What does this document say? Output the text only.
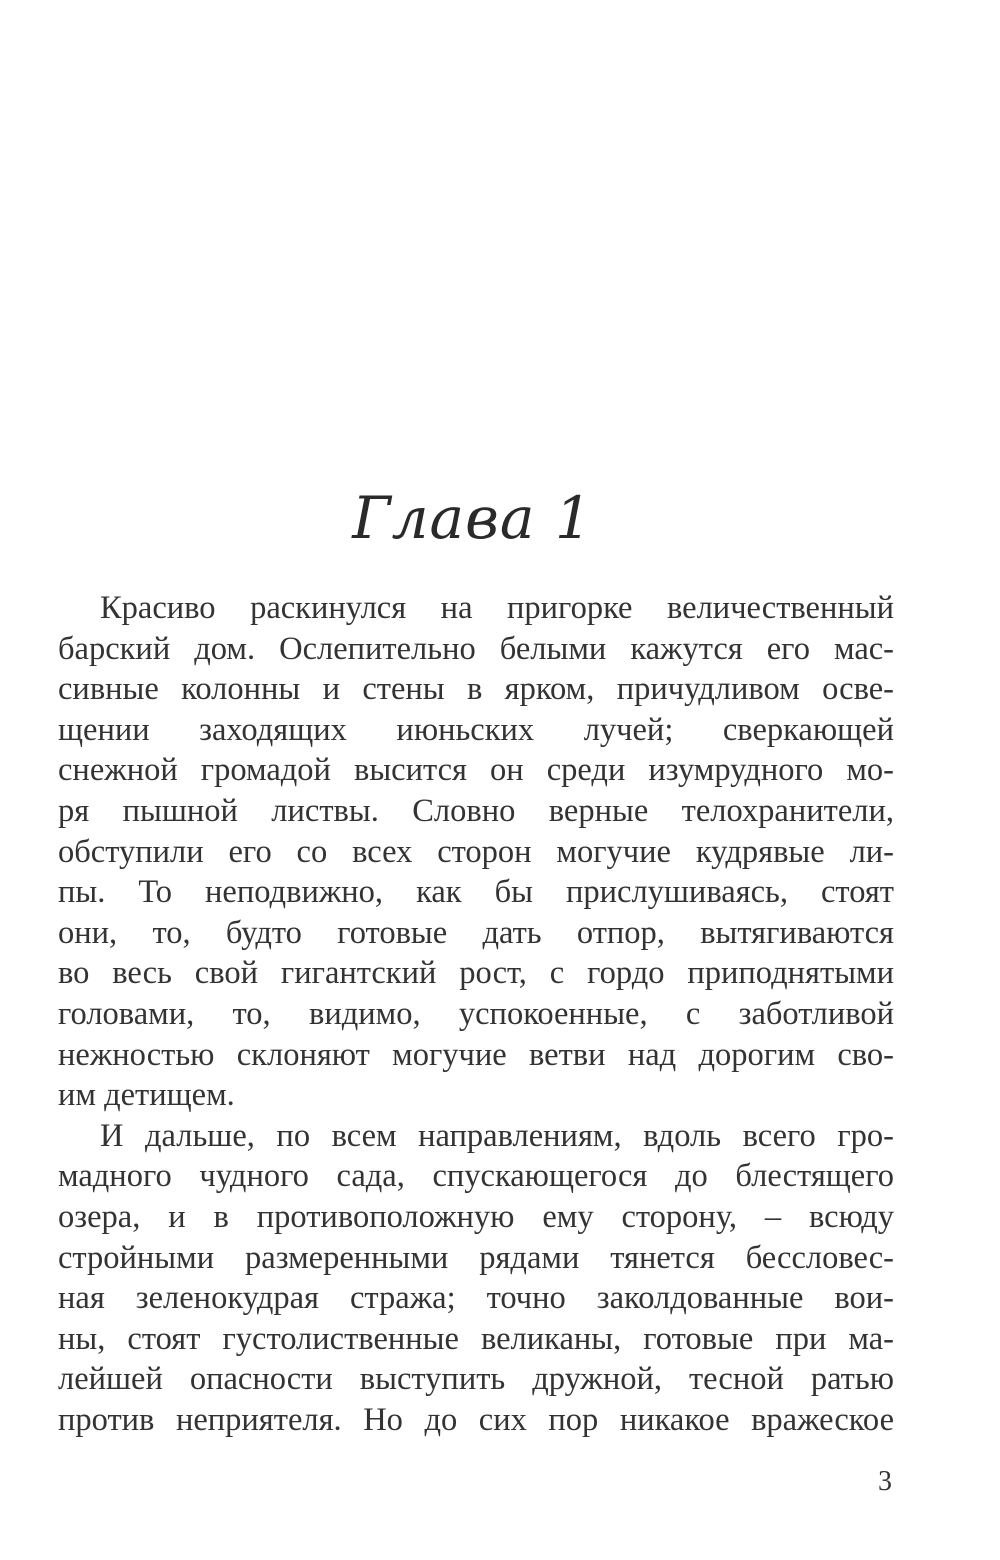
Глава 1
Красиво раскинулся на пригорке величественный
барский дом. Ослепительно белыми кажутся его мас-
сивные колонны и стены в ярком, причудливом осве-
щении заходящих июньских лучей; сверкающей
снежной громадой высится он среди изумрудного мо-
ря пышной листвы. Словно верные телохранители,
обступили его со всех сторон могучие кудрявые ли-
пы. То неподвижно, как бы прислушиваясь, стоят
они, то, будто готовые дать отпор, вытягиваются
во весь свой гигантский рост, с гордо приподнятыми
головами, то, видимо, успокоенные, с заботливой
нежностью склоняют могучие ветви над дорогим сво-
им детищем.
И дальше, по всем направлениям, вдоль всего гро-
мадного чудного сада, спускающегося до блестящего
озера, и в противоположную ему сторону, – всюду
стройными размеренными рядами тянется бессловес-
ная зеленокудрая стража; точно заколдованные вои-
ны, стоят густолиственные великаны, готовые при ма-
лейшей опасности выступить дружной, тесной ратью
против неприятеля. Но до сих пор никакое вражеское
3
